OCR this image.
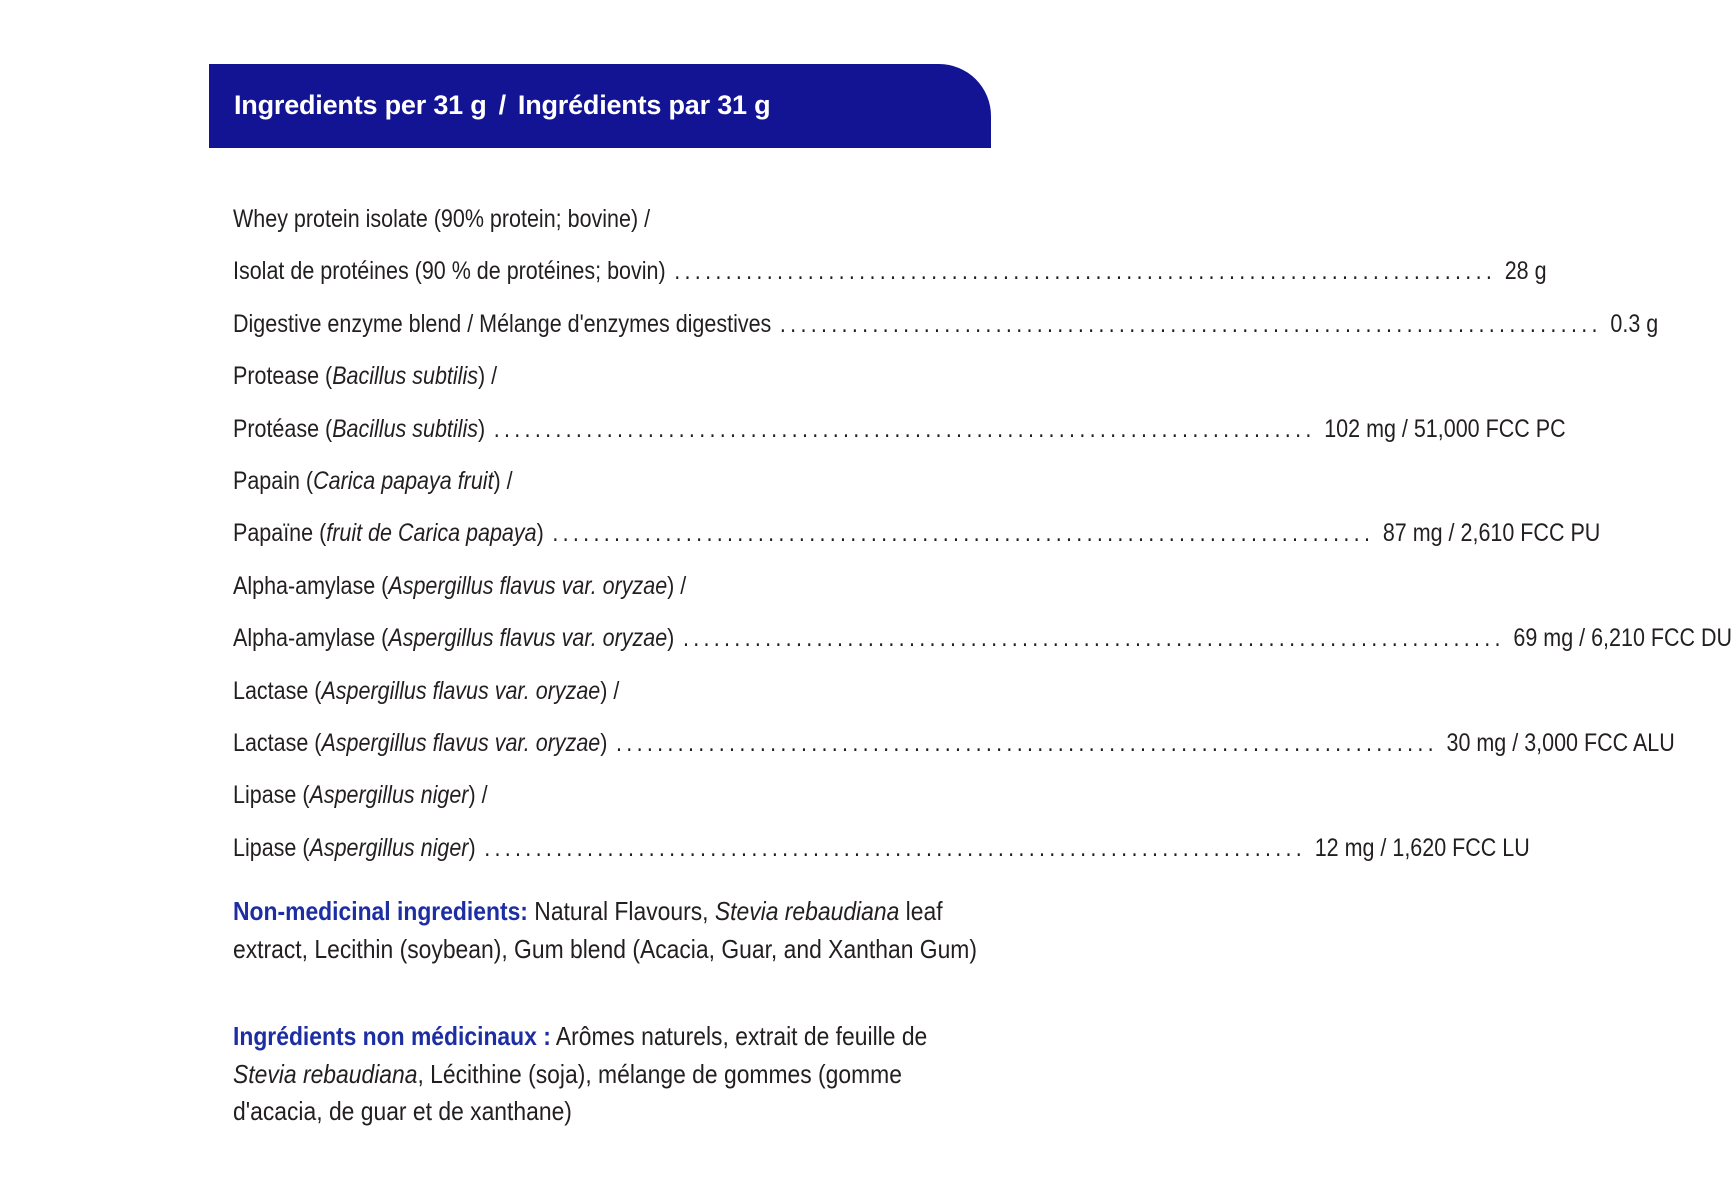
Ingredients per 31 g / Ingrédients par 31 g
Whey protein isolate (90% protein; bovine) /
Isolat de protéines (90 % de protéines; bovin) ................................................................................ 28 g
Digestive enzyme blend / Mélange d'enzymes digestives ................................................................................ 0.3 g
Protease (Bacillus subtilis) /
Protéase (Bacillus subtilis) ................................................................................ 102 mg / 51,000 FCC PC
Papain (Carica papaya fruit) /
Papaïne (fruit de Carica papaya) ................................................................................ 87 mg / 2,610 FCC PU
Alpha-amylase (Aspergillus flavus var. oryzae) /
Alpha-amylase (Aspergillus flavus var. oryzae) ................................................................................ 69 mg / 6,210 FCC DU
Lactase (Aspergillus flavus var. oryzae) /
Lactase (Aspergillus flavus var. oryzae) ................................................................................ 30 mg / 3,000 FCC ALU
Lipase (Aspergillus niger) /
Lipase (Aspergillus niger) ................................................................................ 12 mg / 1,620 FCC LU
Non-medicinal ingredients: Natural Flavours, Stevia rebaudiana leaf extract, Lecithin (soybean), Gum blend (Acacia, Guar, and Xanthan Gum)
Ingrédients non médicinaux : Arômes naturels, extrait de feuille de Stevia rebaudiana, Lécithine (soja), mélange de gommes (gomme d'acacia, de guar et de xanthane)
